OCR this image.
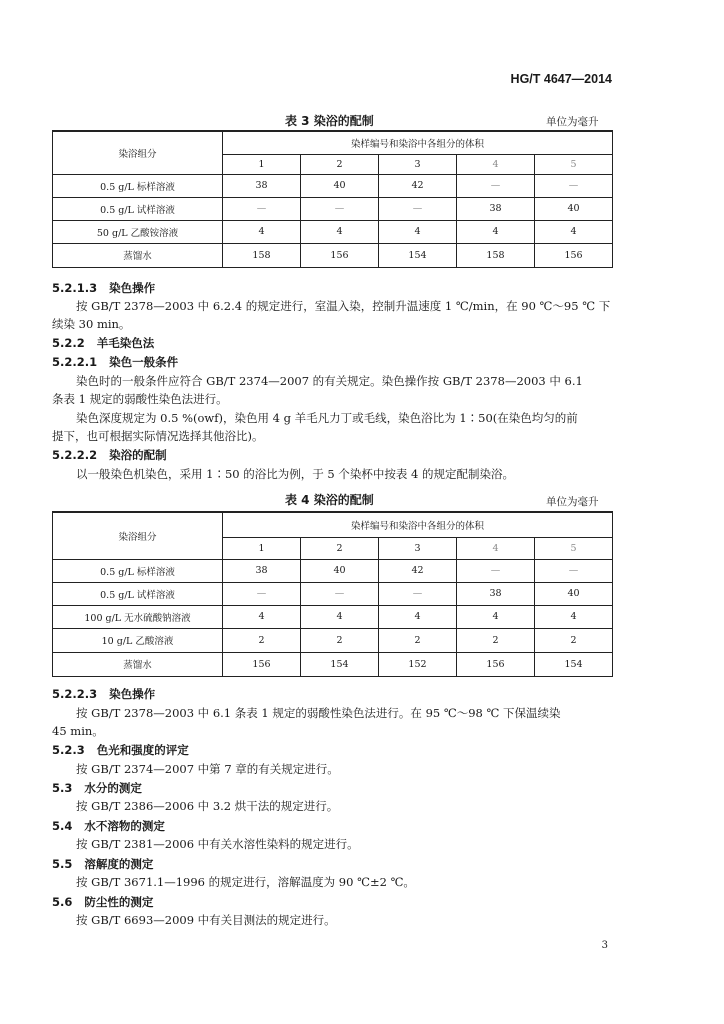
HG/T 4647—2014
表 3 染浴的配制	单位为毫升
染浴组分	染样编号和染浴中各组分的体积				
	1	2	3	4	5
0.5 g/L 标样溶液	38	40	42	—	—
0.5 g/L 试样溶液	—	—	—	38	40
50 g/L 乙酸铵溶液	4	4	4	4	4
蒸馏水	158	156	154	158	156
5.2.1.3 染色操作
按 GB/T 2378—2003 中 6.2.4 的规定进行，室温入染，控制升温速度 1 ℃/min，在 90 ℃～95 ℃ 下
续染 30 min。
5.2.2 羊毛染色法
5.2.2.1 染色一般条件
染色时的一般条件应符合 GB/T 2374—2007 的有关规定。染色操作按 GB/T 2378—2003 中 6.1
条表 1 规定的弱酸性染色法进行。
染色深度规定为 0.5 %(owf)，染色用 4 g 羊毛凡力丁或毛线，染色浴比为 1∶50(在染色均匀的前
提下，也可根据实际情况选择其他浴比)。
5.2.2.2 染浴的配制
以一般染色机染色，采用 1∶50 的浴比为例，于 5 个染杯中按表 4 的规定配制染浴。
表 4 染浴的配制	单位为毫升
染浴组分	染样编号和染浴中各组分的体积				
	1	2	3	4	5
0.5 g/L 标样溶液	38	40	42	—	—
0.5 g/L 试样溶液	—	—	—	38	40
100 g/L 无水硫酸钠溶液	4	4	4	4	4
10 g/L 乙酸溶液	2	2	2	2	2
蒸馏水	156	154	152	156	154
5.2.2.3 染色操作
按 GB/T 2378—2003 中 6.1 条表 1 规定的弱酸性染色法进行。在 95 ℃～98 ℃ 下保温续染
45 min。
5.2.3 色光和强度的评定
按 GB/T 2374—2007 中第 7 章的有关规定进行。
5.3 水分的测定
按 GB/T 2386—2006 中 3.2 烘干法的规定进行。
5.4 水不溶物的测定
按 GB/T 2381—2006 中有关水溶性染料的规定进行。
5.5 溶解度的测定
按 GB/T 3671.1—1996 的规定进行，溶解温度为 90 ℃±2 ℃。
5.6 防尘性的测定
按 GB/T 6693—2009 中有关目测法的规定进行。
3
